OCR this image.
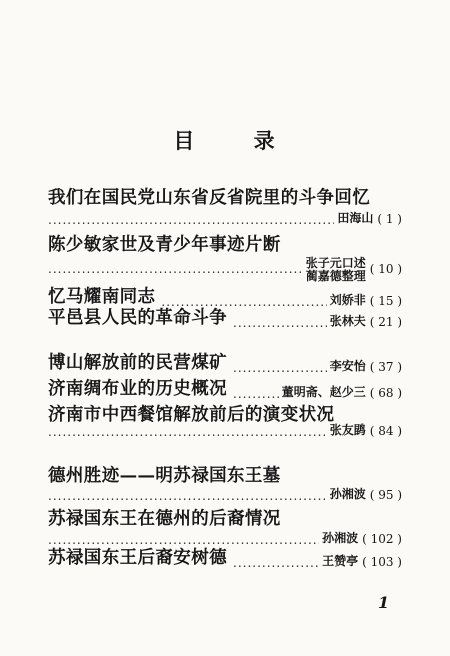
目 录
我们在国民党山东省反省院里的斗争回忆
.....
田海山 ( 1 )
陈少敏家世及青少年事迹片断
.....
张子元口述
蔺嘉德整理 ( 10 )
忆马耀南同志 .....	刘娇非 ( 15 )
平邑县人民的革命斗争 .....	张林夫 ( 21 )
博山解放前的民营煤矿 .....	李安怡 ( 37 )
济南绸布业的历史概况 .....	董明斋、赵少三 ( 68 )
济南市中西餐馆解放前后的演变状况
.....
张友鹍 ( 84 )
德州胜迹——明苏禄国东王墓
.....
孙湘波 ( 95 )
苏禄国东王在德州的后裔情况
.....
孙湘波 ( 102 )
苏禄国东王后裔安树德 .....	王赞亭 ( 103 )
1
